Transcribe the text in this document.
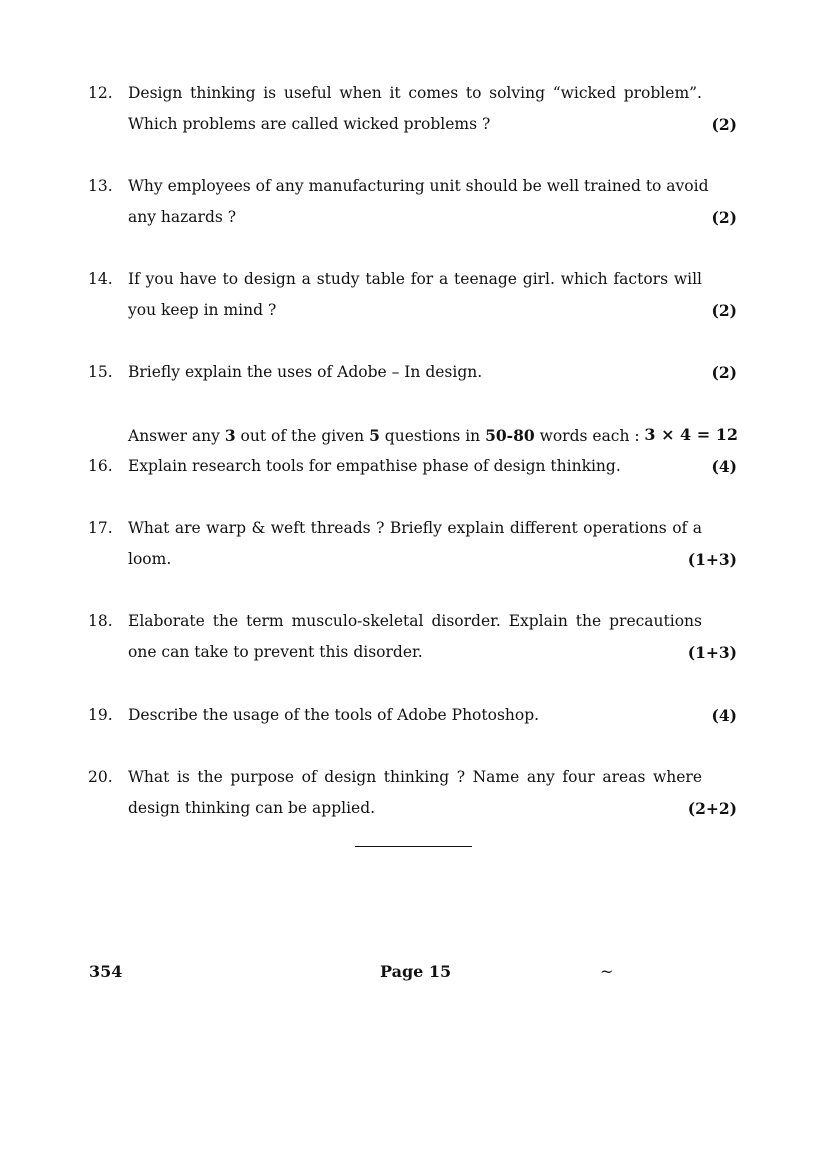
12. Design thinking is useful when it comes to solving “wicked problem”.
Which problems are called wicked problems ?	(2)
13. Why employees of any manufacturing unit should be well trained to avoid
any hazards ?	(2)
14. If you have to design a study table for a teenage girl. which factors will
you keep in mind ?	(2)
15. Briefly explain the uses of Adobe – In design.	(2)
Answer any 3 out of the given 5 questions in 50-80 words each : 3 × 4 = 12
16. Explain research tools for empathise phase of design thinking.	(4)
17. What are warp & weft threads ? Briefly explain different operations of a
loom.	(1+3)
18. Elaborate the term musculo-skeletal disorder. Explain the precautions
one can take to prevent this disorder.	(1+3)
19. Describe the usage of the tools of Adobe Photoshop.	(4)
20. What is the purpose of design thinking ? Name any four areas where
design thinking can be applied.	(2+2)
354	Page 15	~
